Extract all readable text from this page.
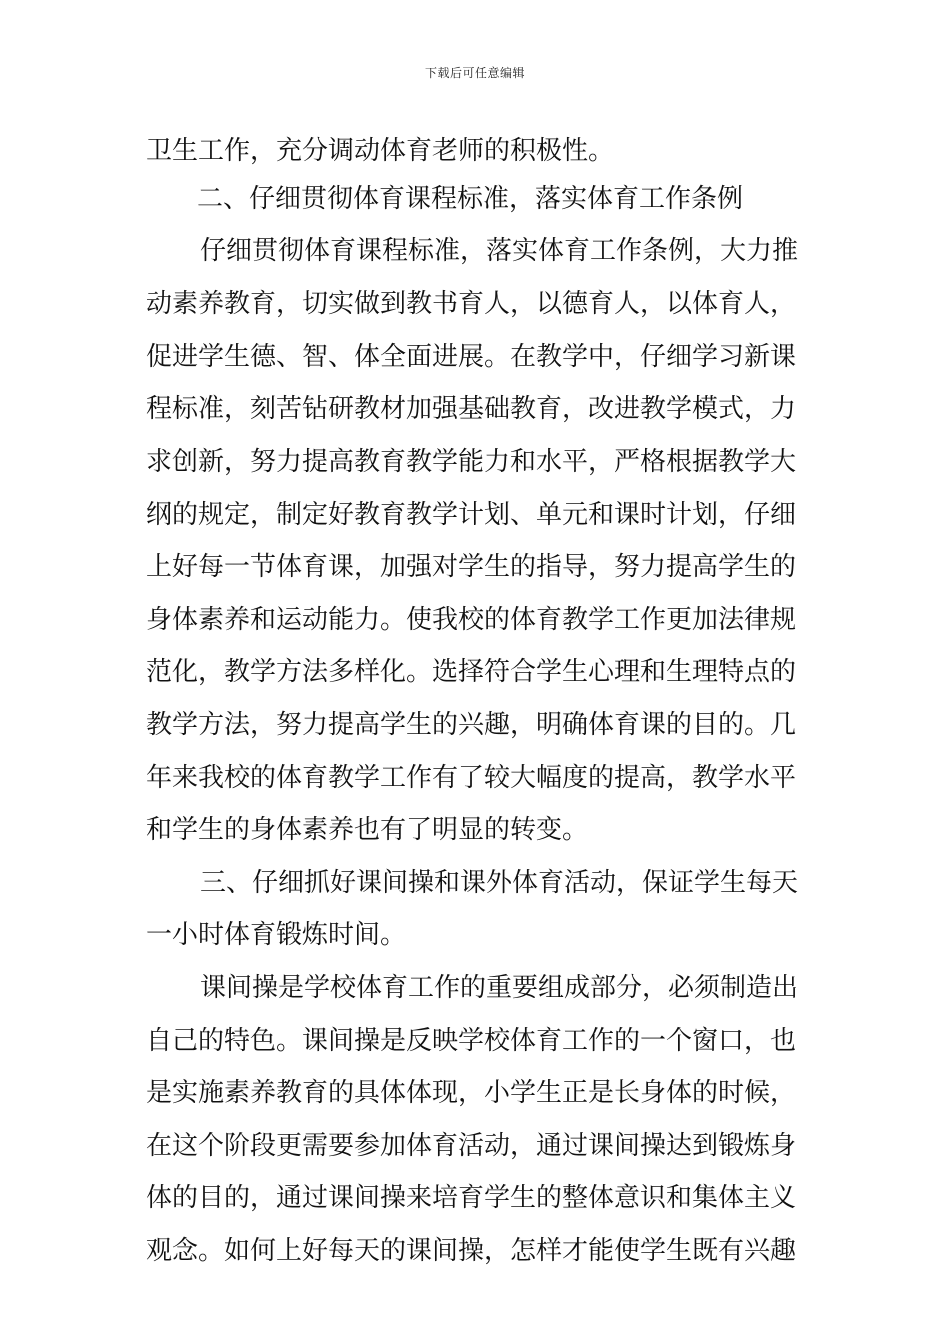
下载后可任意编辑
卫生工作，充分调动体育老师的积极性。
二、仔细贯彻体育课程标准，落实体育工作条例
仔细贯彻体育课程标准，落实体育工作条例，大力推
动素养教育，切实做到教书育人，以德育人，以体育人，
促进学生德、智、体全面进展。在教学中，仔细学习新课
程标准，刻苦钻研教材加强基础教育，改进教学模式，力
求创新，努力提高教育教学能力和水平，严格根据教学大
纲的规定，制定好教育教学计划、单元和课时计划，仔细
上好每一节体育课，加强对学生的指导，努力提高学生的
身体素养和运动能力。使我校的体育教学工作更加法律规
范化，教学方法多样化。选择符合学生心理和生理特点的
教学方法，努力提高学生的兴趣，明确体育课的目的。几
年来我校的体育教学工作有了较大幅度的提高，教学水平
和学生的身体素养也有了明显的转变。
三、仔细抓好课间操和课外体育活动，保证学生每天
一小时体育锻炼时间。
课间操是学校体育工作的重要组成部分，必须制造出
自己的特色。课间操是反映学校体育工作的一个窗口，也
是实施素养教育的具体体现，小学生正是长身体的时候，
在这个阶段更需要参加体育活动，通过课间操达到锻炼身
体的目的，通过课间操来培育学生的整体意识和集体主义
观念。如何上好每天的课间操，怎样才能使学生既有兴趣
